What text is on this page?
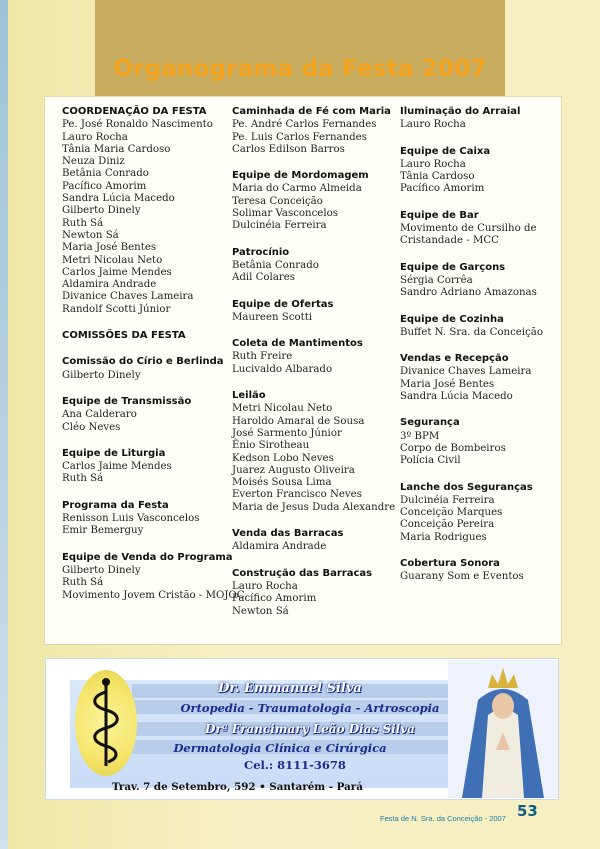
Organograma da Festa 2007
COORDENAÇÃO DA FESTA
Pe. José Ronaldo Nascimento
Lauro Rocha
Tânia Maria Cardoso
Neuza Diniz
Betânia Conrado
Pacífico Amorim
Sandra Lúcia Macedo
Gilberto Dinely
Ruth Sá
Newton Sá
Maria José Bentes
Metri Nicolau Neto
Carlos Jaime Mendes
Aldamira Andrade
Divanice Chaves Lameira
Randolf Scotti Júnior
COMISSÕES DA FESTA
Comissão do Círio e Berlinda
Gilberto Dinely
Equipe de Transmissão
Ana Calderaro
Cléo Neves
Equipe de Liturgia
Carlos Jaime Mendes
Ruth Sá
Programa da Festa
Renisson Luis Vasconcelos
Emir Bemerguy
Equipe de Venda do Programa
Gilberto Dinely
Ruth Sá
Movimento Jovem Cristão - MOJOC
Caminhada de Fé com Maria
Pe. André Carlos Fernandes
Pe. Luis Carlos Fernandes
Carlos Edilson Barros
Equipe de Mordomagem
Maria do Carmo Almeida
Teresa Conceição
Solimar Vasconcelos
Dulcinéia Ferreira
Patrocínio
Betânia Conrado
Adil Colares
Equipe de Ofertas
Maureen Scotti
Coleta de Mantimentos
Ruth Freire
Lucivaldo Albarado
Leilão
Metri Nicolau Neto
Haroldo Amaral de Sousa
José Sarmento Júnior
Ênio Sirotheau
Kedson Lobo Neves
Juarez Augusto Oliveira
Moisés Sousa Lima
Everton Francisco Neves
Maria de Jesus Duda Alexandre
Venda das Barracas
Aldamira Andrade
Construção das Barracas
Lauro Rocha
Pacífico Amorim
Newton Sá
Iluminação do Arraial
Lauro Rocha
Equipe de Caixa
Lauro Rocha
Tânia Cardoso
Pacífico Amorim
Equipe de Bar
Movimento de Cursilho de Cristandade - MCC
Equipe de Garçons
Sérgia Corrêa
Sandro Adriano Amazonas
Equipe de Cozinha
Buffet N. Sra. da Conceição
Vendas e Recepção
Divanice Chaves Lameira
Maria José Bentes
Sandra Lúcia Macedo
Segurança
3º BPM
Corpo de Bombeiros
Polícia Civil
Lanche dos Seguranças
Dulcinéia Ferreira
Conceição Marques
Conceição Pereira
Maria Rodrigues
Cobertura Sonora
Guarany Som e Eventos
Dr. Emmanuel Silva
Ortopedia - Traumatologia - Artroscopia
Drª Francimary Leão Dias Silva
Dermatologia Clínica e Cirúrgica
Cel.: 8111-3678
Trav. 7 de Setembro, 592 • Santarém - Pará
Festa de N. Sra. da Conceição - 2007 53
